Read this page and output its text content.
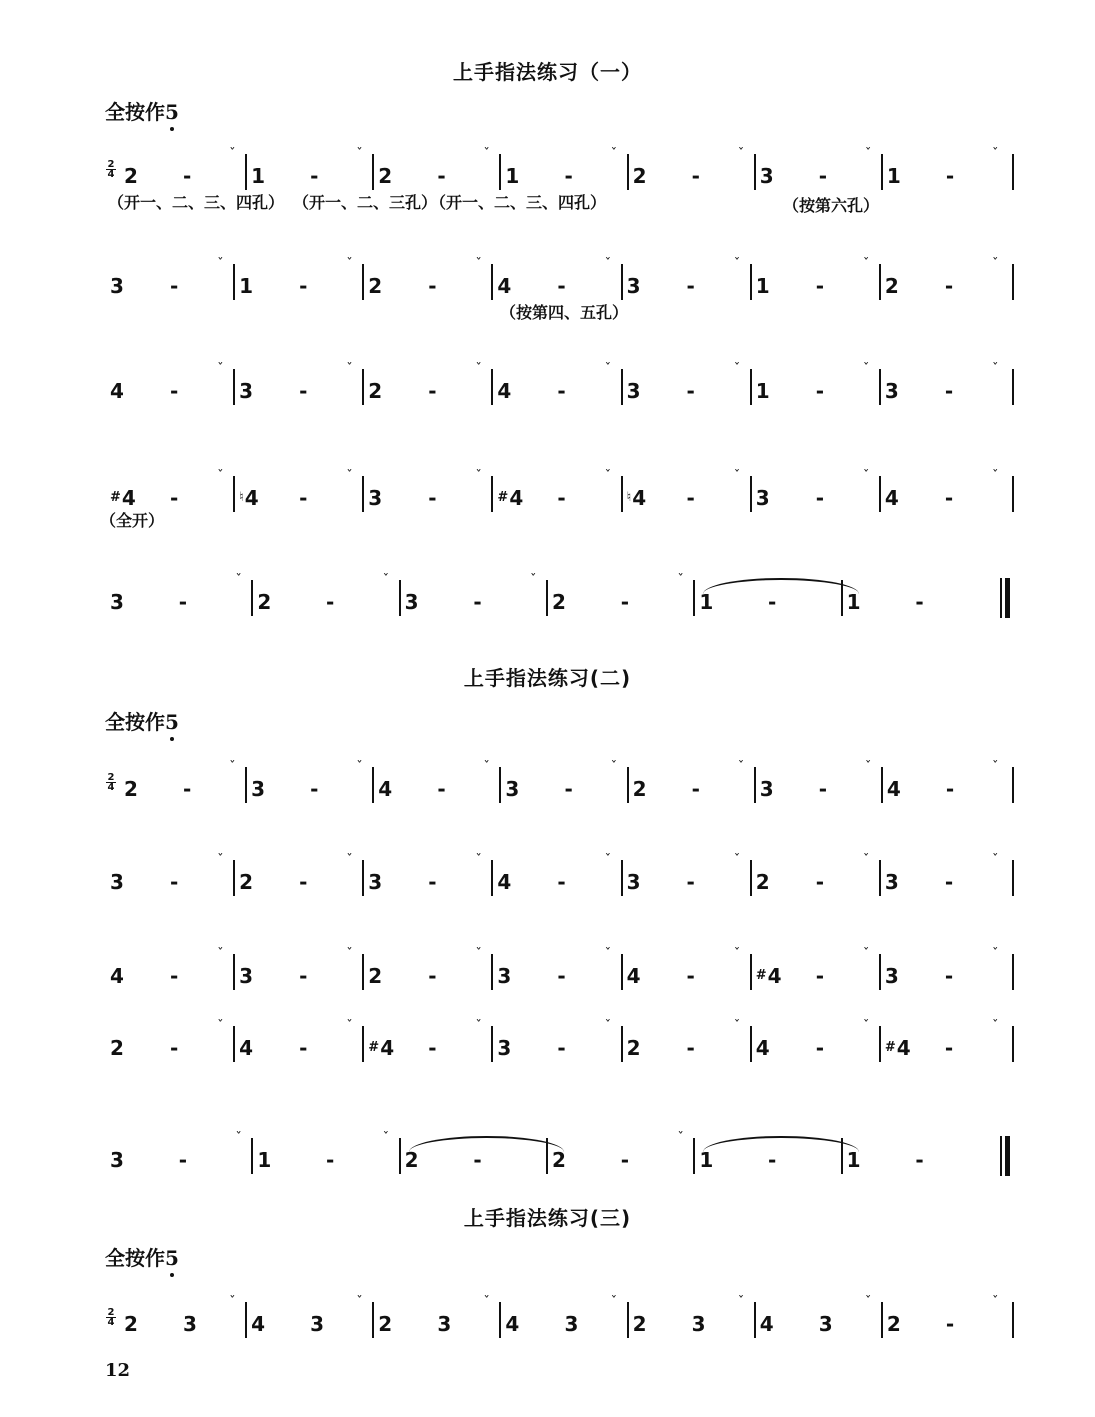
上手指法练习（一）
全按作5
（开一、二、三、四孔） （开一、二、三孔）
（开一、二、三、四孔）	（按第六孔）
（按第四、五孔）
（全开）
上手指法练习(二)
全按作5
上手指法练习(三)
全按作5
12
2
4 2 -
ˇ
1 -
ˇ
2 -
ˇ
1 -
ˇ
2 -
ˇ
3 -
ˇ
1 -
ˇ
3 -
ˇ
1 -
ˇ
2 -
ˇ
4 -
ˇ
3 -
ˇ
1 -
ˇ
2 -
ˇ
4 -
ˇ
3 -
ˇ
2 -
ˇ
4 -
ˇ
3 -
ˇ
1 -
ˇ
3 -
ˇ
#4 -
ˇ
♮4 -
ˇ
3 -
ˇ
#4 -
ˇ
♮4 -
ˇ
3 -
ˇ
4 -
ˇ
3	-
ˇ
2	-
ˇ
3	-
ˇ
2	-
ˇ
1	-	1	-
2
4 2 -
ˇ
3 -
ˇ
4 -
ˇ
3 -
ˇ
2 -
ˇ
3 -
ˇ
4 -
ˇ
3 -
ˇ
2 -
ˇ
3 -
ˇ
4 -
ˇ
3 -
ˇ
2 -
ˇ
3 -
ˇ
4 -
ˇ
3 -
ˇ
2 -
ˇ
3 -
ˇ
4 -
ˇ
#4 -
ˇ
3 -
ˇ
2 -
ˇ
4 -
ˇ
#4 -
ˇ
3 -
ˇ
2 -
ˇ
4 -
ˇ
#4 -
ˇ
3	-
ˇ
1	-
ˇ
2	-	2	-
ˇ
1	-	1	-
2
4 2 3
ˇ
4 3
ˇ
2 3
ˇ
4 3
ˇ
2 3
ˇ
4 3
ˇ
2 -
ˇ
